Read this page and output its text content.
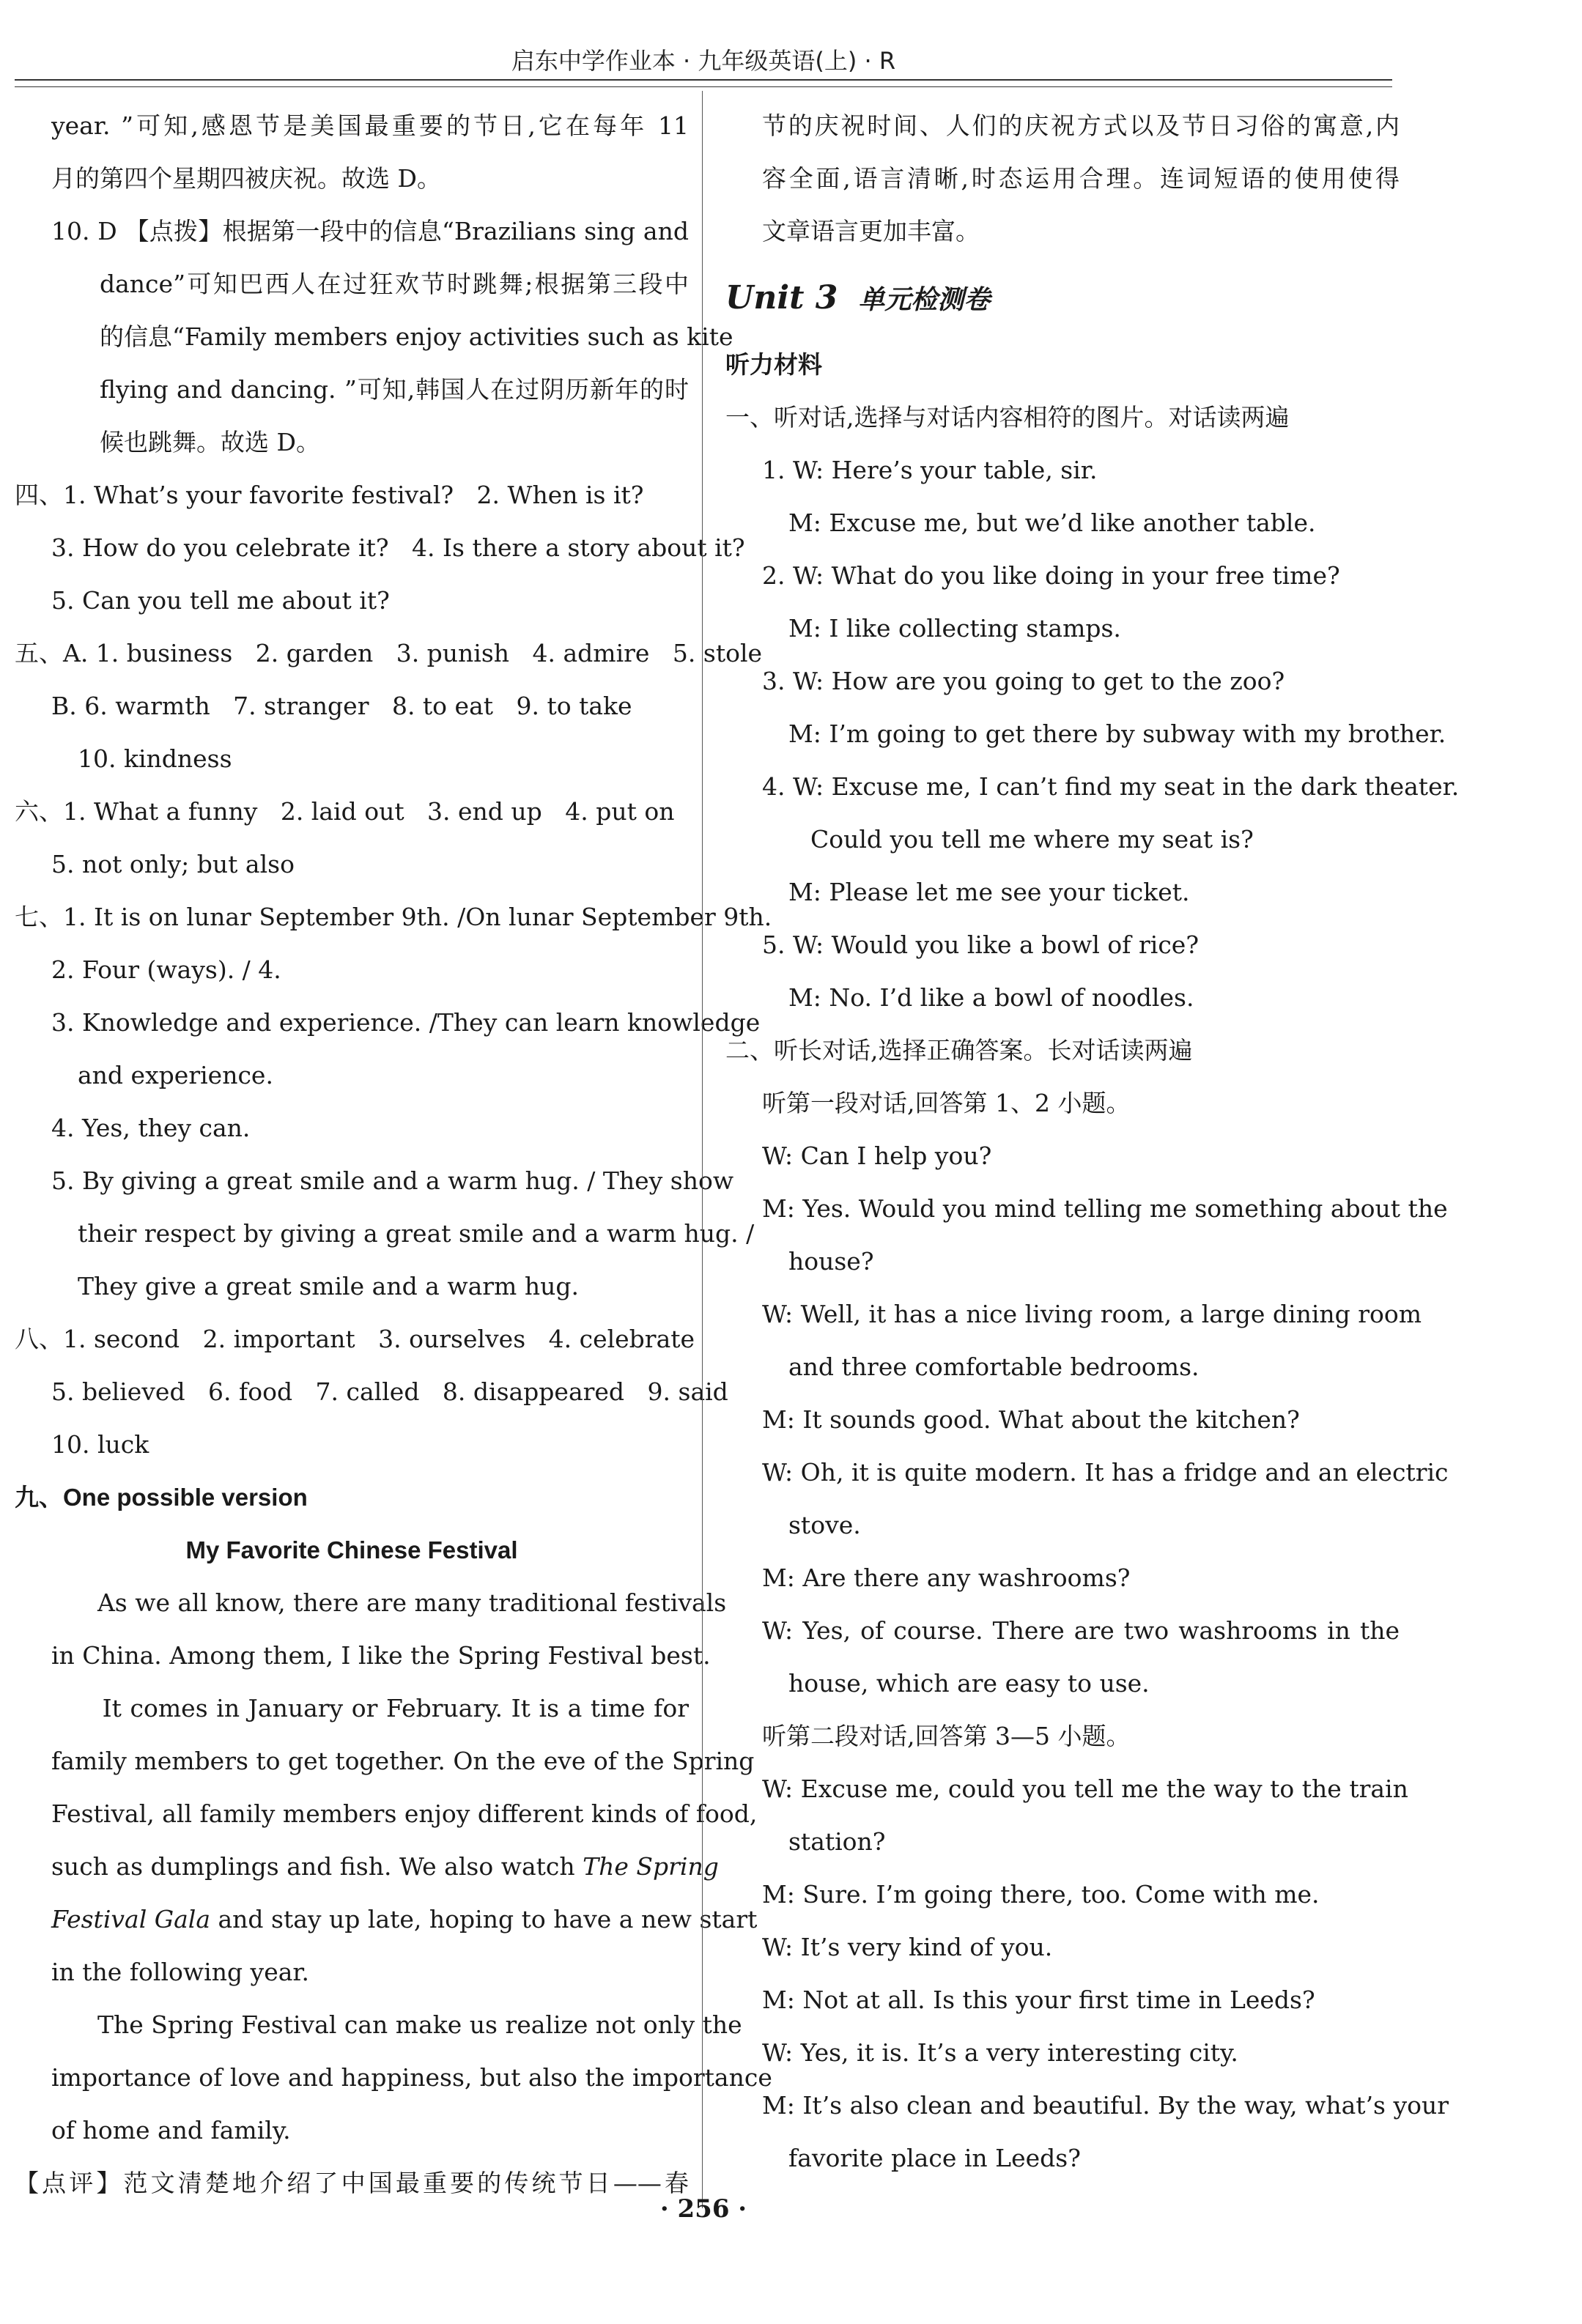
启东中学作业本 · 九年级英语(上) · R
year. ”可知,感恩节是美国最重要的节日,它在每年 11
月的第四个星期四被庆祝。故选 D。
10. D 【点拨】根据第一段中的信息“Brazilians sing and
dance”可知巴西人在过狂欢节时跳舞;根据第三段中
的信息“Family members enjoy activities such as kite
flying and dancing. ”可知,韩国人在过阴历新年的时
候也跳舞。故选 D。
四、1. What’s your favorite festival?   2. When is it?
3. How do you celebrate it?   4. Is there a story about it?
5. Can you tell me about it?
五、A. 1. business   2. garden   3. punish   4. admire   5. stole
B. 6. warmth   7. stranger   8. to eat   9. to take
10. kindness
六、1. What a funny   2. laid out   3. end up   4. put on
5. not only; but also
七、1. It is on lunar September 9th. /On lunar September 9th.
2. Four (ways). / 4.
3. Knowledge and experience. /They can learn knowledge
and experience.
4. Yes, they can.
5. By giving a great smile and a warm hug. / They show
their respect by giving a great smile and a warm hug. /
They give a great smile and a warm hug.
八、1. second   2. important   3. ourselves   4. celebrate
5. believed   6. food   7. called   8. disappeared   9. said
10. luck
九、One possible version
My Favorite Chinese Festival
As we all know, there are many traditional festivals
in China. Among them, I like the Spring Festival best.
It comes in January or February. It is a time for
family members to get together. On the eve of the Spring
Festival, all family members enjoy different kinds of food,
such as dumplings and fish. We also watch The Spring
Festival Gala and stay up late, hoping to have a new start
in the following year.
The Spring Festival can make us realize not only the
importance of love and happiness, but also the importance
of home and family.
【点评】范文清楚地介绍了中国最重要的传统节日——春
节的庆祝时间、人们的庆祝方式以及节日习俗的寓意,内
容全面,语言清晰,时态运用合理。连词短语的使用使得
文章语言更加丰富。
Unit 3 单元检测卷
听力材料
一、听对话,选择与对话内容相符的图片。对话读两遍
1. W: Here’s your table, sir.
M: Excuse me, but we’d like another table.
2. W: What do you like doing in your free time?
M: I like collecting stamps.
3. W: How are you going to get to the zoo?
M: I’m going to get there by subway with my brother.
4. W: Excuse me, I can’t find my seat in the dark theater.
Could you tell me where my seat is?
M: Please let me see your ticket.
5. W: Would you like a bowl of rice?
M: No. I’d like a bowl of noodles.
二、听长对话,选择正确答案。长对话读两遍
听第一段对话,回答第 1、2 小题。
W: Can I help you?
M: Yes. Would you mind telling me something about the
house?
W: Well, it has a nice living room, a large dining room
and three comfortable bedrooms.
M: It sounds good. What about the kitchen?
W: Oh, it is quite modern. It has a fridge and an electric
stove.
M: Are there any washrooms?
W: Yes, of course. There are two washrooms in the
house, which are easy to use.
听第二段对话,回答第 3—5 小题。
W: Excuse me, could you tell me the way to the train
station?
M: Sure. I’m going there, too. Come with me.
W: It’s very kind of you.
M: Not at all. Is this your first time in Leeds?
W: Yes, it is. It’s a very interesting city.
M: It’s also clean and beautiful. By the way, what’s your
favorite place in Leeds?
· 256 ·
